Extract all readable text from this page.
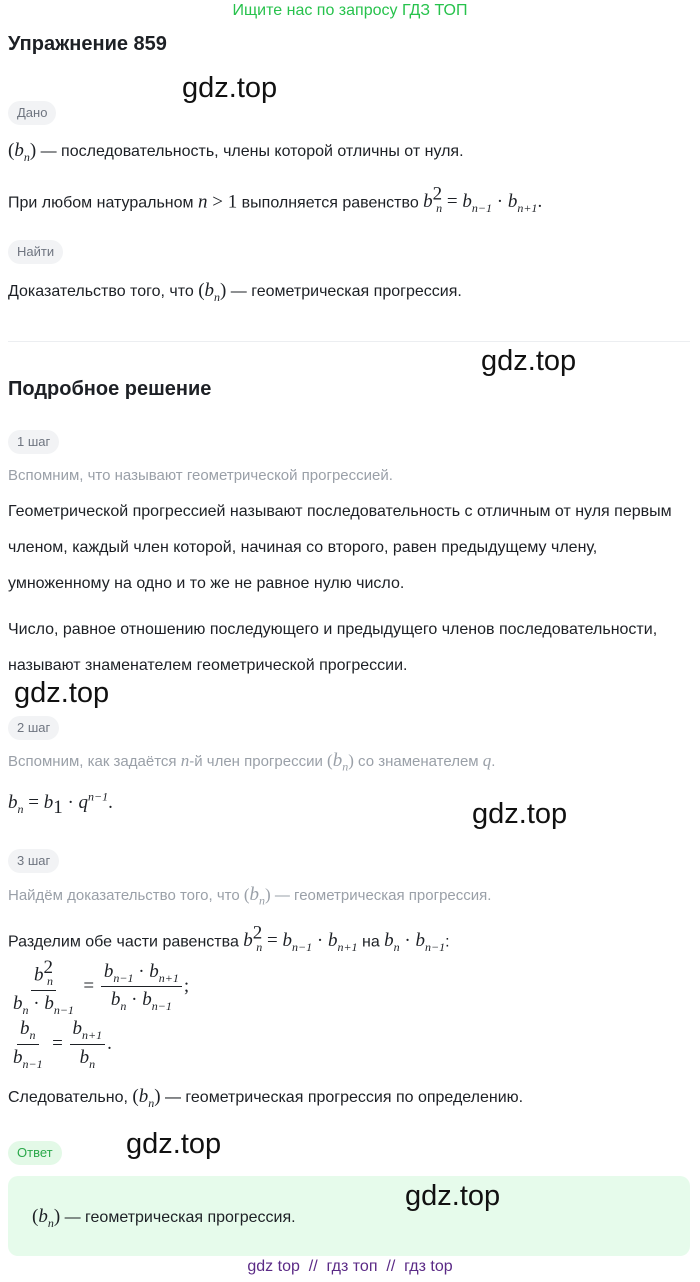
Ищите нас по запросу ГДЗ ТОП
Упражнение 859
gdz.top
Дано
$(b_n)$ — последовательность, члены которой отличны от нуля.
При любом натуральном n > 1 выполняется равенство $b^2_n = b_{n-1} \cdot b_{n+1}$.
Найти
Доказательство того, что $(b_n)$ — геометрическая прогрессия.
gdz.top
Подробное решение
1 шаг
Вспомним, что называют геометрической прогрессией.
Геометрической прогрессией называют последовательность с отличным от нуля первым членом, каждый член которой, начиная со второго, равен предыдущему члену, умноженному на одно и то же не равное нулю число.
Число, равное отношению последующего и предыдущего членов последовательности, называют знаменателем геометрической прогрессии.
gdz.top
2 шаг
Вспомним, как задаётся n-й член прогрессии $(b_n)$ со знаменателем q.
$b_n = b_1 \cdot q^{n-1}$.	gdz.top
3 шаг
Найдём доказательство того, что $(b_n)$ — геометрическая прогрессия.
Разделим обе части равенства $b^2_n = b_{n-1} \cdot b_{n+1}$ на $b_n \cdot b_{n-1}$:
$\frac{b^2_n}{b_n \cdot b_{n-1}} = \frac{b_{n-1} \cdot b_{n+1}}{b_n \cdot b_{n-1}}$ ;
$\frac{b_n}{b_{n-1}} = \frac{b_{n+1}}{b_n}$ .
Следовательно, $(b_n)$ — геометрическая прогрессия по определению.
Ответ	gdz.top
$(b_n)$ — геометрическая прогрессия.
gdz.top
gdz top  //  гдз топ  //  гдз top
